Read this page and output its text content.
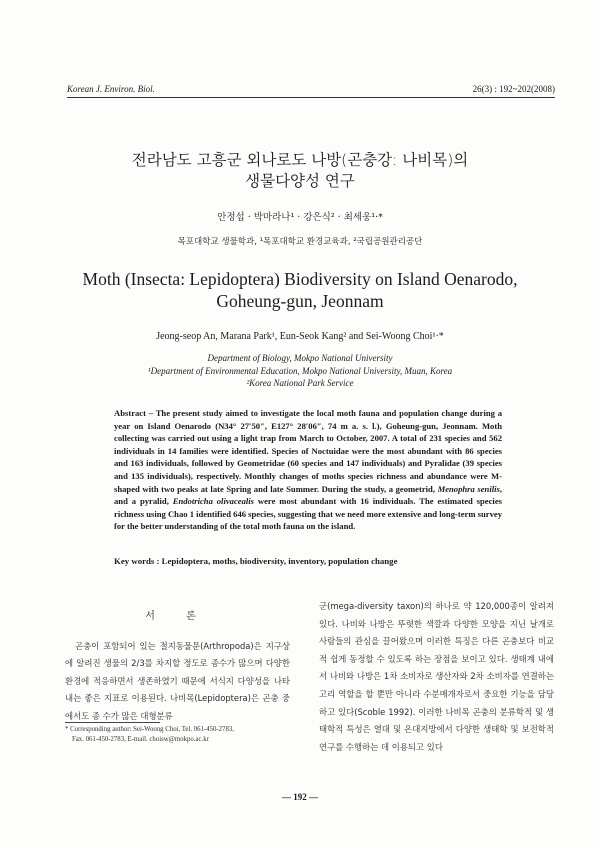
Korean J. Environ. Biol.	26(3) : 192~202(2008)
전라남도 고흥군 외나로도 나방(곤충강: 나비목)의
생물다양성 연구
안정섭 · 박마라나¹ · 강은식² · 최세웅¹·*
목포대학교 생물학과, ¹목포대학교 환경교육과, ²국립공원관리공단
Moth (Insecta: Lepidoptera) Biodiversity on Island Oenarodo,
Goheung-gun, Jeonnam
Jeong-seop An, Marana Park¹, Eun-Seok Kang² and Sei-Woong Choi¹·*
Department of Biology, Mokpo National University
¹Department of Environmental Education, Mokpo National University, Muan, Korea
²Korea National Park Service
Abstract – The present study aimed to investigate the local moth fauna and population change during a year on Island Oenarodo (N34° 27′50″, E127° 28′06″, 74 m a. s. l.), Goheung-gun, Jeonnam. Moth collecting was carried out using a light trap from March to October, 2007. A total of 231 species and 562 individuals in 14 families were identified. Species of Noctuidae were the most abundant with 86 species and 163 individuals, followed by Geometridae (60 species and 147 individuals) and Pyralidae (39 species and 135 individuals), respectively. Monthly changes of moths species richness and abundance were M-shaped with two peaks at late Spring and late Summer. During the study, a geometrid, Menophra senilis, and a pyralid, Endotricha olivacealis were most abundant with 16 individuals. The estimated species richness using Chao 1 identified 646 species, suggesting that we need more extensive and long-term survey for the better understanding of the total moth fauna on the island.
Key words : Lepidoptera, moths, biodiversity, inventory, population change
서 론

곤충이 포함되어 있는 절지동물문(Arthropoda)은 지구상에 알려진 생물의 2/3를 차지할 정도로 종수가 많으며 다양한 환경에 적응하면서 생존하였기 때문에 서식지 다양성을 나타내는 좋은 지표로 이용된다. 나비목(Lepidoptera)은 곤충 중에서도 종 수가 많은 대형분류

군(mega-diversity taxon)의 하나로 약 120,000종이 알려져 있다. 나비와 나방은 뚜렷한 색깔과 다양한 모양을 지닌 날개로 사람들의 관심을 끌어왔으며 이러한 특징은 다른 곤충보다 비교적 쉽게 동정할 수 있도록 하는 장점을 보이고 있다. 생태계 내에서 나비와 나방은 1차 소비자로 생산자와 2차 소비자를 연결하는 고리 역할을 할 뿐만 아니라 수분매개자로서 중요한 기능을 담당하고 있다(Scoble 1992). 이러한 나비목 곤충의 분류학적 및 생태학적 특성은 열대 및 온대지방에서 다양한 생태학 및 보전학적 연구를 수행하는 데 이용되고 있다

* Corresponding author: Sei-Woong Choi, Tel. 061-450-2783,
Fax. 061-450-2783, E-mail. choisw@mokpo.ac.kr
— 192 —
